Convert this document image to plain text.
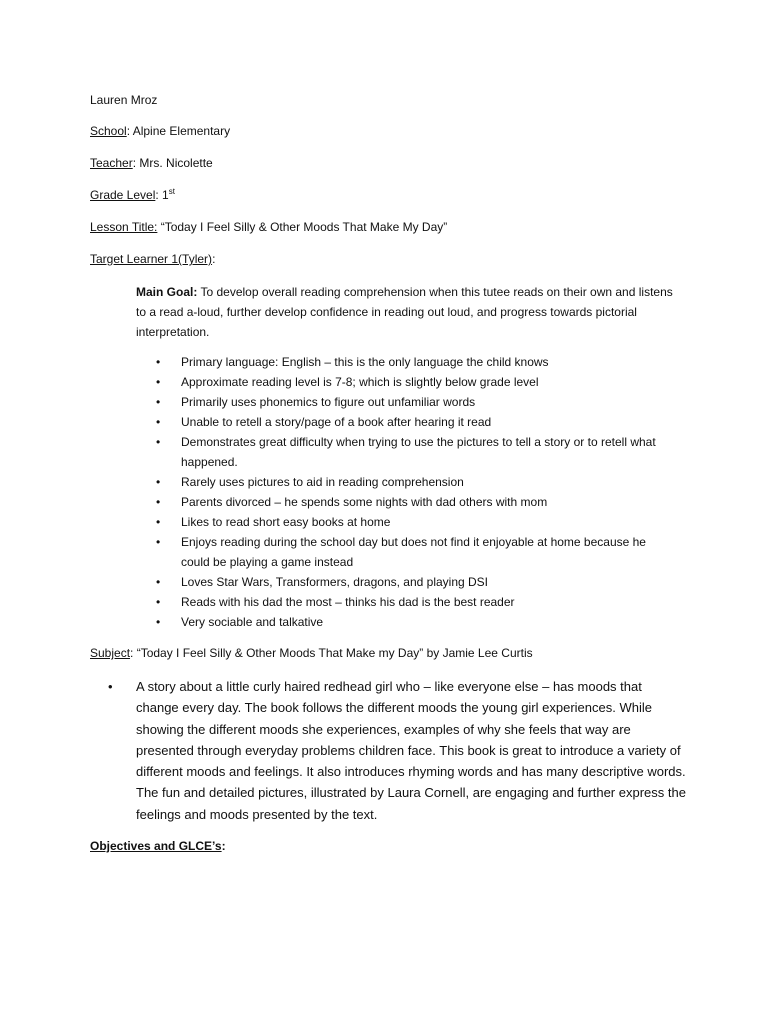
Lauren Mroz
School: Alpine Elementary
Teacher: Mrs. Nicolette
Grade Level: 1st
Lesson Title: “Today I Feel Silly & Other Moods That Make My Day”
Target Learner 1(Tyler):
Main Goal: To develop overall reading comprehension when this tutee reads on their own and listens to a read a-loud, further develop confidence in reading out loud, and progress towards pictorial interpretation.
• Primary language: English – this is the only language the child knows
• Approximate reading level is 7-8; which is slightly below grade level
• Primarily uses phonemics to figure out unfamiliar words
• Unable to retell a story/page of a book after hearing it read
• Demonstrates great difficulty when trying to use the pictures to tell a story or to retell what happened.
• Rarely uses pictures to aid in reading comprehension
• Parents divorced – he spends some nights with dad others with mom
• Likes to read short easy books at home
• Enjoys reading during the school day but does not find it enjoyable at home because he could be playing a game instead
• Loves Star Wars, Transformers, dragons, and playing DSI
• Reads with his dad the most – thinks his dad is the best reader
• Very sociable and talkative
Subject: “Today I Feel Silly & Other Moods That Make my Day” by Jamie Lee Curtis
• A story about a little curly haired redhead girl who – like everyone else – has moods that change every day. The book follows the different moods the young girl experiences. While showing the different moods she experiences, examples of why she feels that way are presented through everyday problems children face. This book is great to introduce a variety of different moods and feelings. It also introduces rhyming words and has many descriptive words. The fun and detailed pictures, illustrated by Laura Cornell, are engaging and further express the feelings and moods presented by the text.
Objectives and GLCE’s:
